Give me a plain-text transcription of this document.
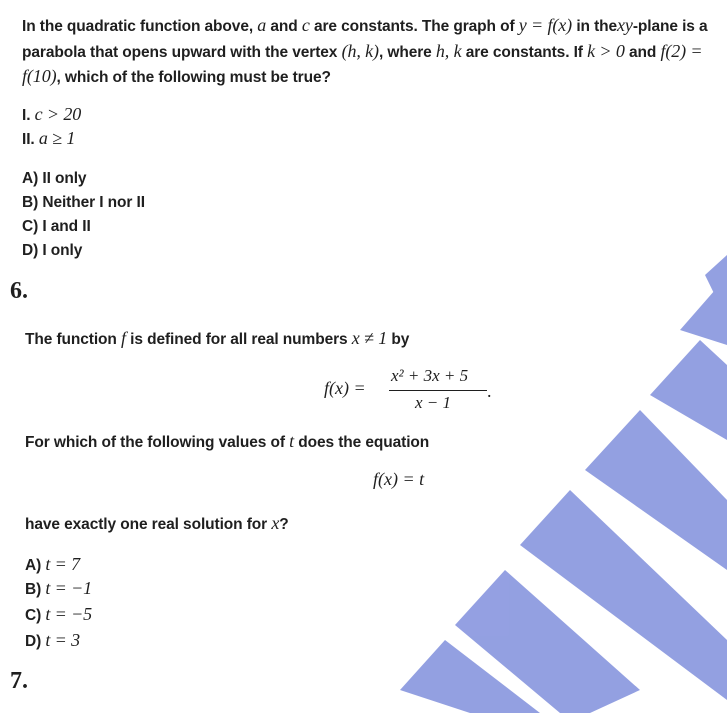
In the quadratic function above, a and c are constants. The graph of y = f(x) in thexy-plane is a
parabola that opens upward with the vertex (h, k), where h, k are constants. If k > 0 and f(2) =
f(10), which of the following must be true?
I. c > 20
II. a ≥ 1
A) II only
B) Neither I nor II
C) I and II
D) I only
6.
The function f is defined for all real numbers x ≠ 1 by
f(x) =
x² + 3x + 5
x − 1
.
For which of the following values of t does the equation
f(x) = t
have exactly one real solution for x?
A) t = 7
B) t = −1
C) t = −5
D) t = 3
7.
